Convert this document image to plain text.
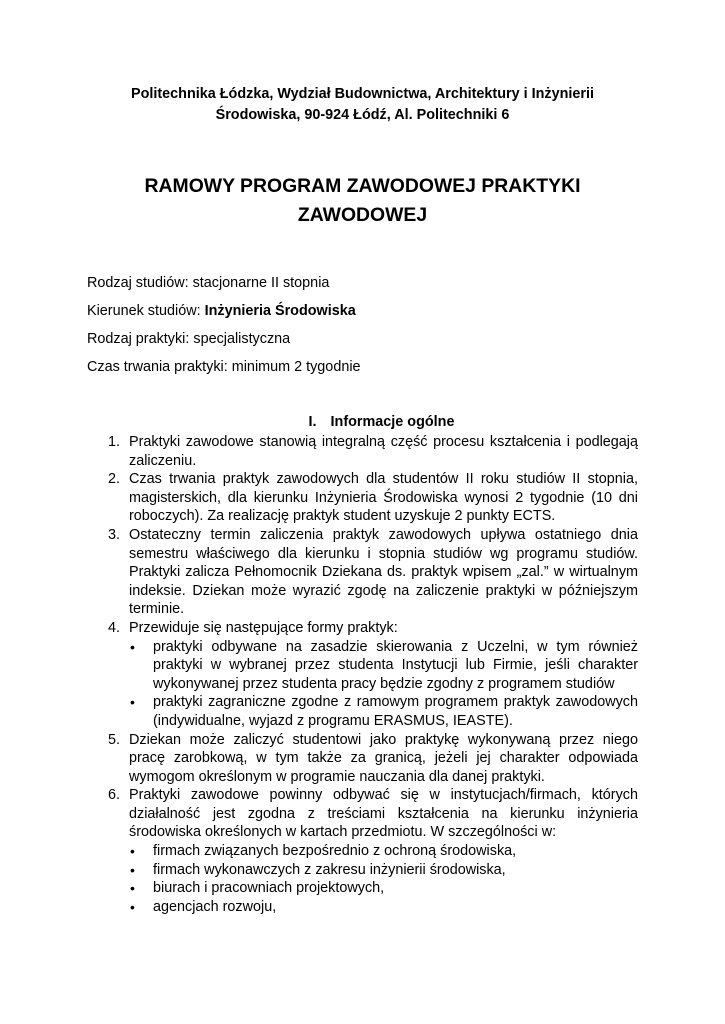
Politechnika Łódzka, Wydział Budownictwa, Architektury i Inżynierii
Środowiska, 90-924 Łódź, Al. Politechniki 6
RAMOWY PROGRAM ZAWODOWEJ PRAKTYKI
ZAWODOWEJ
Rodzaj studiów: stacjonarne II stopnia
Kierunek studiów: Inżynieria Środowiska
Rodzaj praktyki: specjalistyczna
Czas trwania praktyki: minimum 2 tygodnie
I. Informacje ogólne
1. Praktyki zawodowe stanowią integralną część procesu kształcenia i podlegają zaliczeniu.
2. Czas trwania praktyk zawodowych dla studentów II roku studiów II stopnia, magisterskich, dla kierunku Inżynieria Środowiska wynosi 2 tygodnie (10 dni roboczych). Za realizację praktyk student uzyskuje 2 punkty ECTS.
3. Ostateczny termin zaliczenia praktyk zawodowych upływa ostatniego dnia semestru właściwego dla kierunku i stopnia studiów wg programu studiów. Praktyki zalicza Pełnomocnik Dziekana ds. praktyk wpisem „zal.” w wirtualnym indeksie. Dziekan może wyrazić zgodę na zaliczenie praktyki w późniejszym terminie.
4. Przewiduje się następujące formy praktyk:
• praktyki odbywane na zasadzie skierowania z Uczelni, w tym również praktyki w wybranej przez studenta Instytucji lub Firmie, jeśli charakter wykonywanej przez studenta pracy będzie zgodny z programem studiów
• praktyki zagraniczne zgodne z ramowym programem praktyk zawodowych (indywidualne, wyjazd z programu ERASMUS, IEASTE).
5. Dziekan może zaliczyć studentowi jako praktykę wykonywaną przez niego pracę zarobkową, w tym także za granicą, jeżeli jej charakter odpowiada wymogom określonym w programie nauczania dla danej praktyki.
6. Praktyki zawodowe powinny odbywać się w instytucjach/firmach, których działalność jest zgodna z treściami kształcenia na kierunku inżynieria środowiska określonych w kartach przedmiotu. W szczególności w:
• firmach związanych bezpośrednio z ochroną środowiska,
• firmach wykonawczych z zakresu inżynierii środowiska,
• biurach i pracowniach projektowych,
• agencjach rozwoju,
